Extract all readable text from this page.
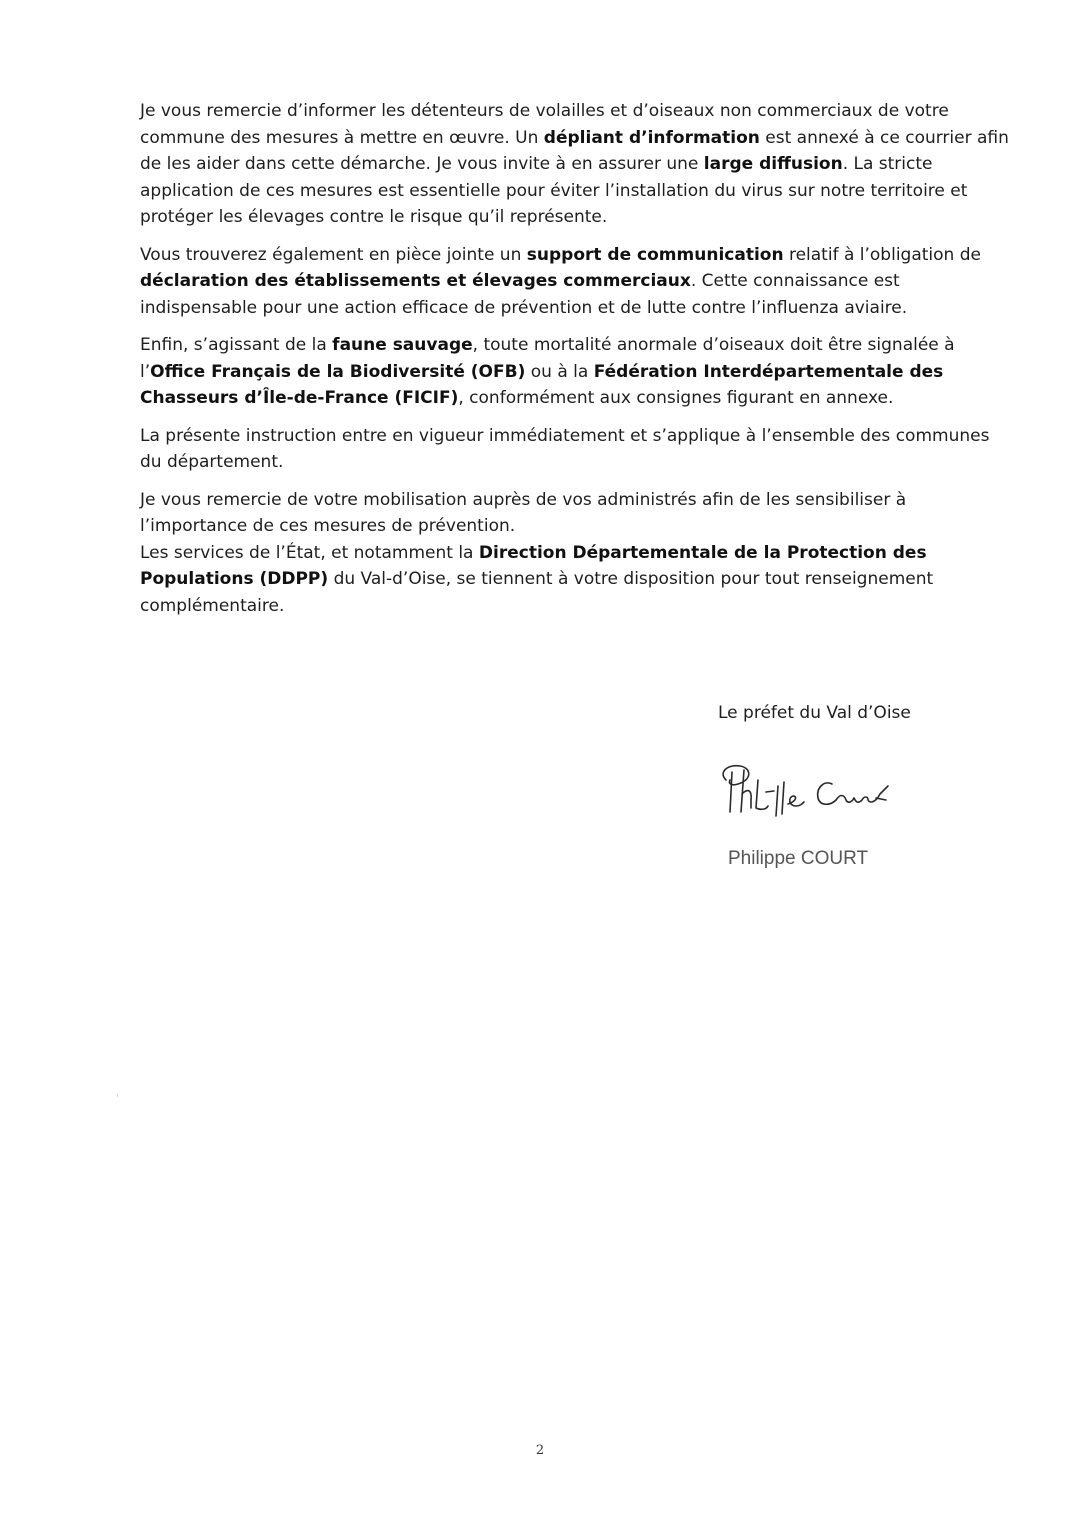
Je vous remercie d’informer les détenteurs de volailles et d’oiseaux non commerciaux de votre commune des mesures à mettre en œuvre. Un dépliant d’information est annexé à ce courrier afin de les aider dans cette démarche. Je vous invite à en assurer une large diffusion. La stricte application de ces mesures est essentielle pour éviter l’installation du virus sur notre territoire et protéger les élevages contre le risque qu’il représente.

Vous trouverez également en pièce jointe un support de communication relatif à l’obligation de déclaration des établissements et élevages commerciaux. Cette connaissance est indispensable pour une action efficace de prévention et de lutte contre l’influenza aviaire.

Enfin, s’agissant de la faune sauvage, toute mortalité anormale d’oiseaux doit être signalée à l’Office Français de la Biodiversité (OFB) ou à la Fédération Interdépartementale des Chasseurs d’Île-de-France (FICIF), conformément aux consignes figurant en annexe.

La présente instruction entre en vigueur immédiatement et s’applique à l’ensemble des communes du département.

Je vous remercie de votre mobilisation auprès de vos administrés afin de les sensibiliser à l’importance de ces mesures de prévention.

Les services de l’État, et notamment la Direction Départementale de la Protection des Populations (DDPP) du Val-d’Oise, se tiennent à votre disposition pour tout renseignement complémentaire.

Le préfet du Val d’Oise
Philippe COURT
2
